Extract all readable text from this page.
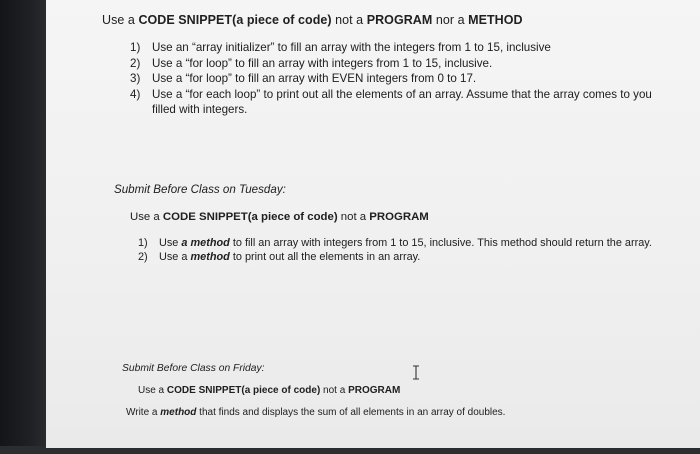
Use a CODE SNIPPET(a piece of code) not a PROGRAM nor a METHOD
1) Use an “array initializer” to fill an array with the integers from 1 to 15, inclusive
2) Use a “for loop” to fill an array with integers from 1 to 15, inclusive.
3) Use a “for loop” to fill an array with EVEN integers from 0 to 17.
4) Use a “for each loop” to print out all the elements of an array. Assume that the array comes to you filled with integers.
Submit Before Class on Tuesday:
Use a CODE SNIPPET(a piece of code) not a PROGRAM
1) Use a method to fill an array with integers from 1 to 15, inclusive. This method should return the array.
2) Use a method to print out all the elements in an array.
Submit Before Class on Friday:
Use a CODE SNIPPET(a piece of code) not a PROGRAM
Write a method that finds and displays the sum of all elements in an array of doubles.
